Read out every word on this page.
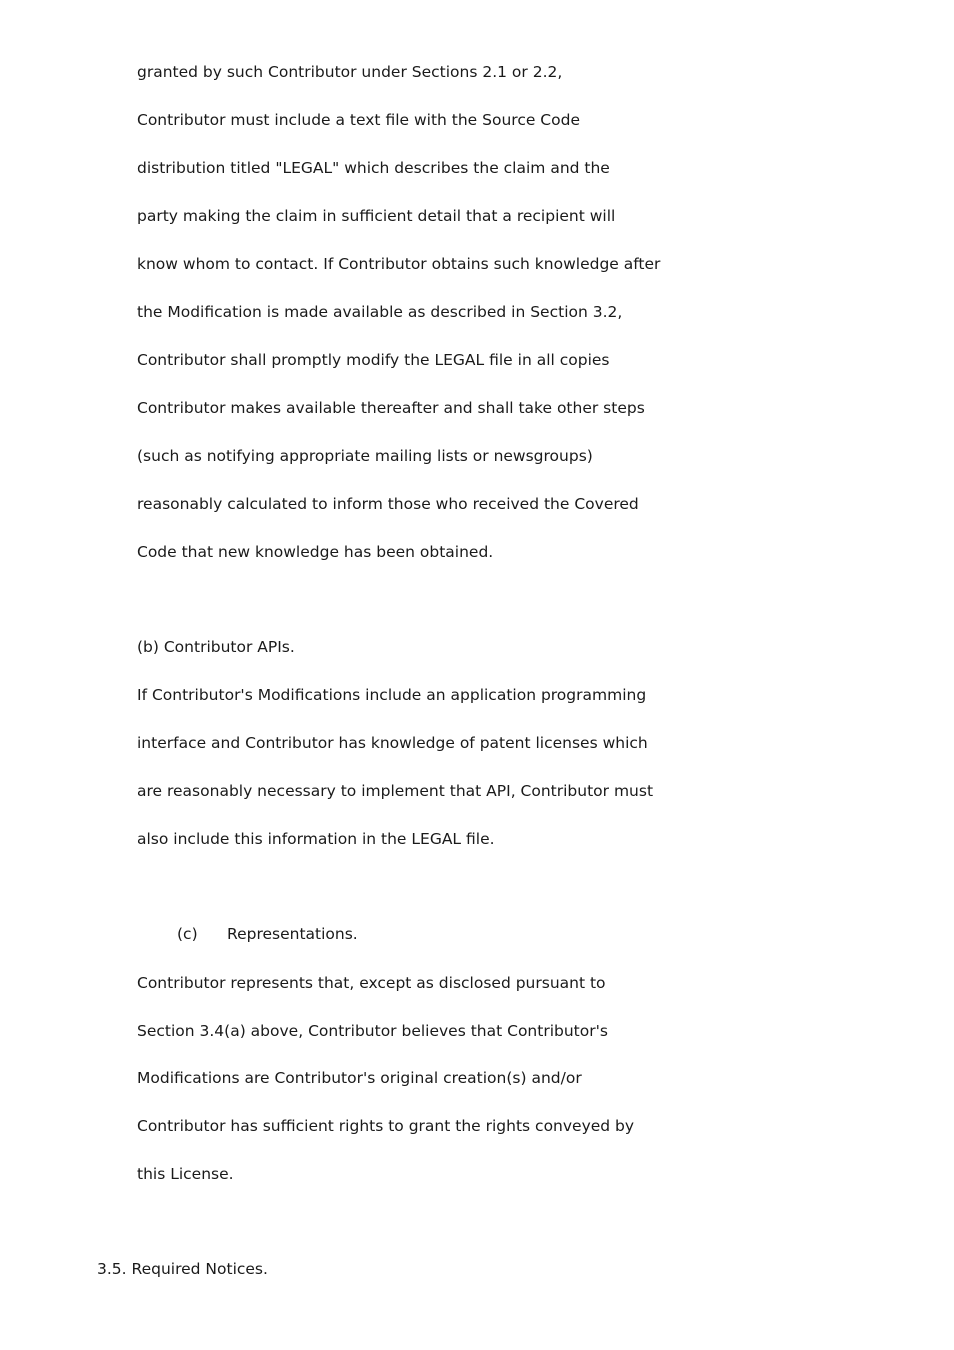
granted by such Contributor under Sections 2.1 or 2.2,
Contributor must include a text file with the Source Code
distribution titled "LEGAL" which describes the claim and the
party making the claim in sufficient detail that a recipient will
know whom to contact. If Contributor obtains such knowledge after
the Modification is made available as described in Section 3.2,
Contributor shall promptly modify the LEGAL file in all copies
Contributor makes available thereafter and shall take other steps
(such as notifying appropriate mailing lists or newsgroups)
reasonably calculated to inform those who received the Covered
Code that new knowledge has been obtained.
(b) Contributor APIs.
If Contributor's Modifications include an application programming
interface and Contributor has knowledge of patent licenses which
are reasonably necessary to implement that API, Contributor must
also include this information in the LEGAL file.
(c) Representations.
Contributor represents that, except as disclosed pursuant to
Section 3.4(a) above, Contributor believes that Contributor's
Modifications are Contributor's original creation(s) and/or
Contributor has sufficient rights to grant the rights conveyed by
this License.
3.5. Required Notices.
